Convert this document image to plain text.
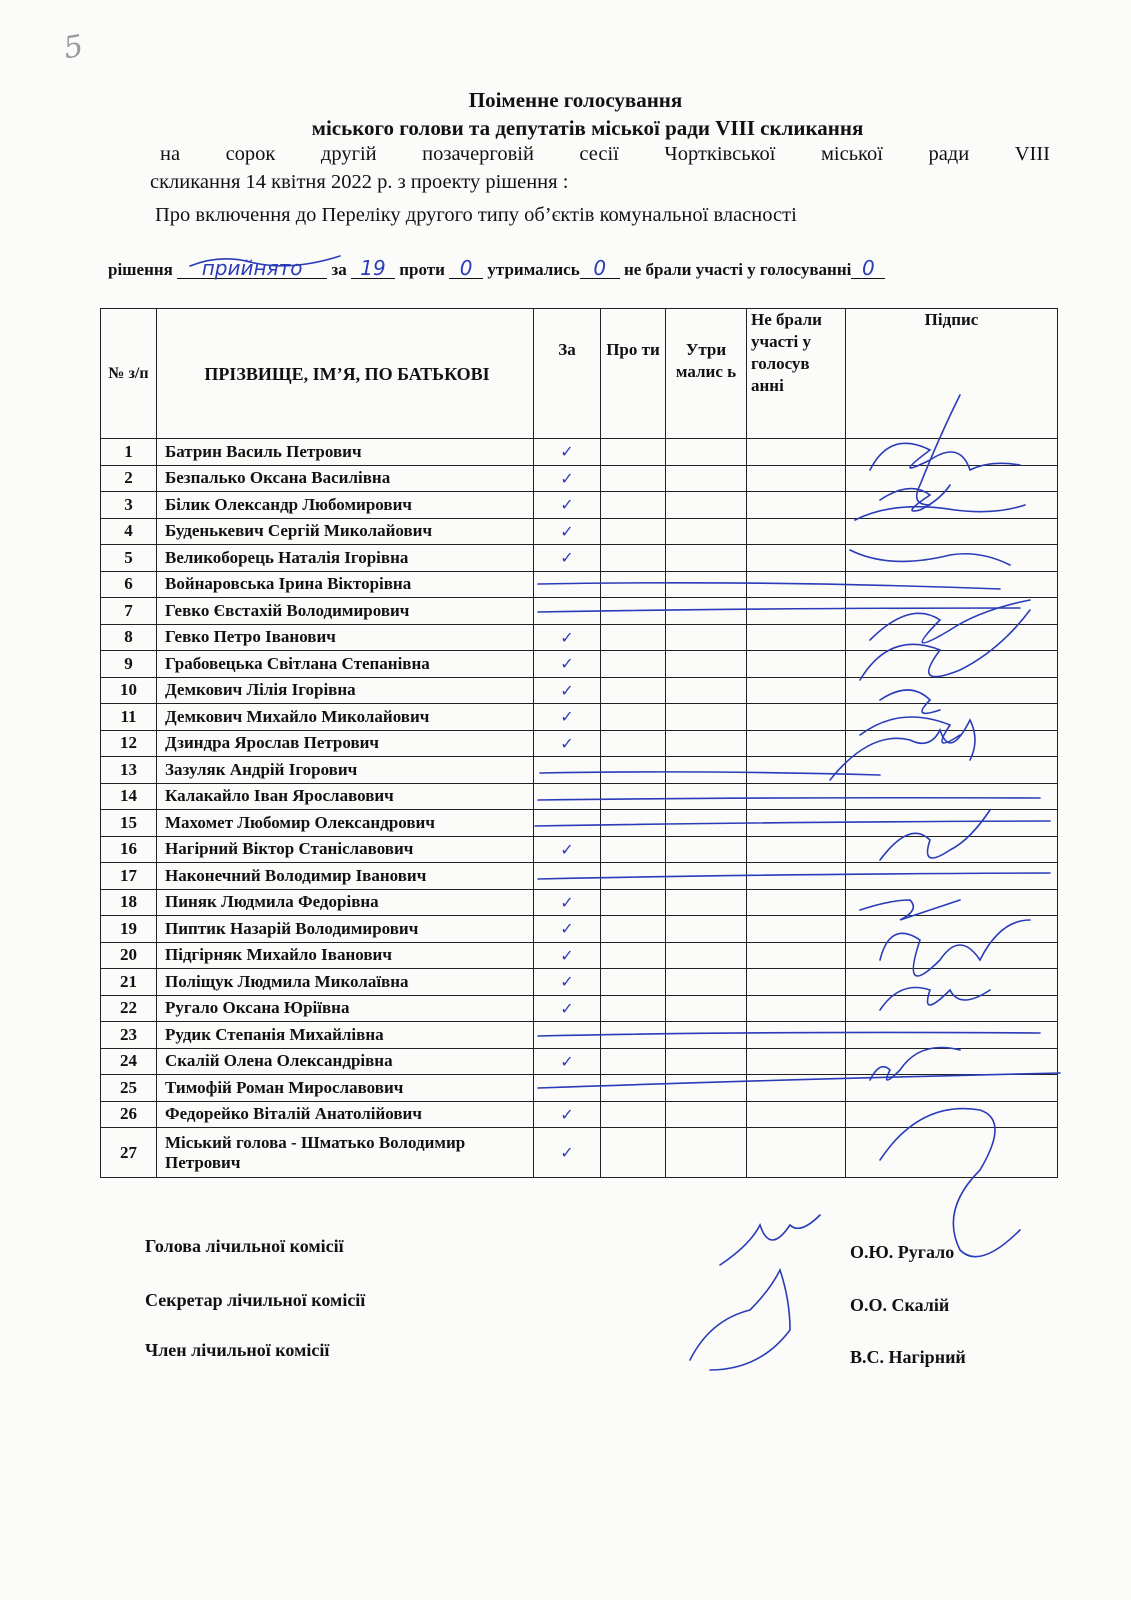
5
Поіменне голосування
міського голови та депутатів міської ради VIII скликання
на сорок другій позачерговій сесії Чортківської міської ради VIII
скликання 14 квітня 2022 р. з проекту рішення :
Про включення до Переліку другого типу об’єктів комунальної власності
рішення прийнято за 19 проти 0 утримались 0 не брали участі у голосуванні 0
№ з/п	ПРІЗВИЩЕ, ІМ’Я, ПО БАТЬКОВІ	За	Про ти	Утри малис ь	Не брали участі у голосув анні	Підпис
1	Батрин Василь Петрович	✓				
2	Безпалько Оксана Василівна	✓				
3	Білик Олександр Любомирович	✓				
4	Буденькевич Сергій Миколайович	✓				
5	Великоборець Наталія Ігорівна	✓				
6	Войнаровська Ірина Вікторівна					
7	Гевко Євстахій Володимирович					
8	Гевко Петро Іванович	✓				
9	Грабовецька Світлана Степанівна	✓				
10	Демкович Лілія Ігорівна	✓				
11	Демкович Михайло Миколайович	✓				
12	Дзиндра Ярослав Петрович	✓				
13	Зазуляк Андрій Ігорович					
14	Калакайло Іван Ярославович					
15	Махомет Любомир Олександрович					
16	Нагірний Віктор Станіславович	✓				
17	Наконечний Володимир Іванович					
18	Пиняк Людмила Федорівна	✓				
19	Пиптик Назарій Володимирович	✓				
20	Підгірняк Михайло Іванович	✓				
21	Поліщук Людмила Миколаївна	✓				
22	Ругало Оксана Юріївна	✓				
23	Рудик Степанія Михайлівна					
24	Скалій Олена Олександрівна	✓				
25	Тимофій Роман Мирославович					
26	Федорейко Віталій Анатолійович	✓				
27	Міський голова - Шматько Володимир Петрович	✓				
Голова лічильної комісії	О.Ю. Ругало
Секретар лічильної комісії	О.О. Скалій
Член лічильної комісії	В.С. Нагірний
